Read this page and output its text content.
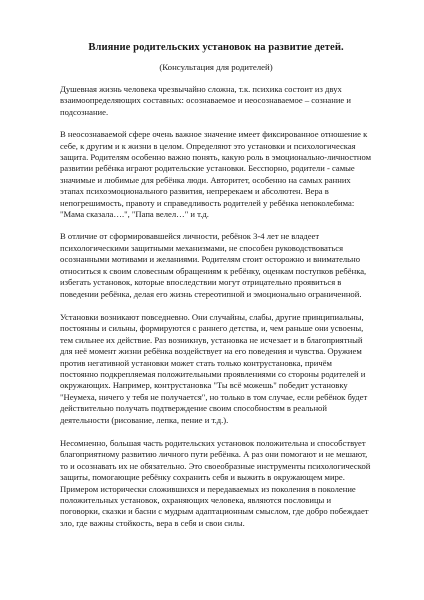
Влияние родительских установок на развитие детей.

(Консультация для родителей)

Душевная жизнь человека чрезвычайно сложна, т.к. психика состоит из двух взаимоопределяющих составных: осознаваемое и неосознаваемое – сознание и подсознание.

В неосознаваемой сфере очень важное значение имеет фиксированное отношение к себе, к другим и к жизни в целом. Определяют это установки и психологическая защита. Родителям особенно важно понять, какую роль в эмоционально-личностном развитии ребёнка играют родительские установки. Бесспорно, родители - самые значимые и любимые для ребёнка люди. Авторитет, особенно на самых ранних этапах психоэмоционального развития, непререкаем и абсолютен. Вера в непогрешимость, правоту и справедливость родителей у ребёнка непоколебима: "Мама сказала….", "Папа велел…" и т.д.

В отличие от сформировавшейся личности, ребёнок 3-4 лет не владеет психологическими защитными механизмами, не способен руководствоваться осознанными мотивами и желаниями. Родителям стоит осторожно и внимательно относиться к своим словесным обращениям к ребёнку, оценкам поступков ребёнка, избегать установок, которые впоследствии могут отрицательно проявиться в поведении ребёнка, делая его жизнь стереотипной и эмоционально ограниченной.

Установки возникают повседневно. Они случайны, слабы, другие принципиальны, постоянны и сильны, формируются с раннего детства, и, чем раньше они усвоены, тем сильнее их действие. Раз возникнув, установка не исчезает и в благоприятный для неё момент жизни ребёнка воздействует на его поведения и чувства. Оружием против негативной установки может стать только контрустановка, причём постоянно подкрепляемая положительными проявлениями со стороны родителей и окружающих. Например, контрустановка "Ты всё можешь" победит установку "Неумеха, ничего у тебя не получается", но только в том случае, если ребёнок будет действительно получать подтверждение своим способностям в реальной деятельности (рисование, лепка, пение и т.д.).

Несомненно, большая часть родительских установок положительна и способствует благоприятному развитию личного пути ребёнка. А раз они помогают и не мешают, то и осознавать их не обязательно. Это своеобразные инструменты психологической защиты, помогающие ребёнку сохранить себя и выжить в окружающем мире. Примером исторически сложившихся и передаваемых из поколения в поколение положительных установок, охраняющих человека, являются пословицы и поговорки, сказки и басни с мудрым адаптационным смыслом, где добро побеждает зло, где важны стойкость, вера в себя и свои силы.
